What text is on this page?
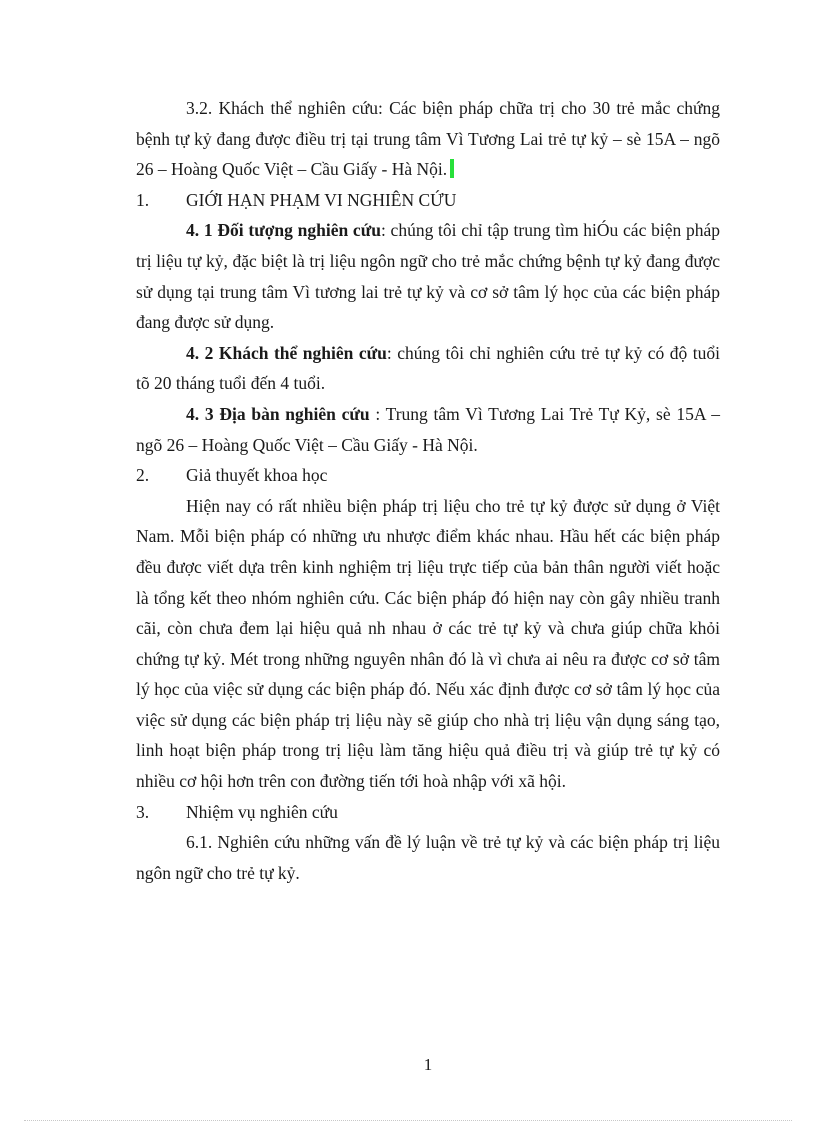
3.2. Khách thể nghiên cứu: Các biện pháp chữa trị cho 30 trẻ mắc chứng bệnh tự kỷ đang được điều trị tại trung tâm Vì Tương Lai trẻ tự kỷ – sè 15A – ngõ 26 – Hoàng Quốc Việt – Cầu Giấy - Hà Nội.

1. GIỚI HẠN PHẠM VI NGHIÊN CỨU

4. 1 Đối tượng nghiên cứu: chúng tôi chỉ tập trung tìm hiÓu các biện pháp trị liệu tự kỷ, đặc biệt là trị liệu ngôn ngữ cho trẻ mắc chứng bệnh tự kỷ đang được sử dụng tại trung tâm Vì tương lai trẻ tự kỷ và cơ sở tâm lý học của các biện pháp đang được sử dụng.

4. 2 Khách thể nghiên cứu: chúng tôi chỉ nghiên cứu trẻ tự kỷ có độ tuổi tõ 20 tháng tuổi đến 4 tuổi.

4. 3 Địa bàn nghiên cứu : Trung tâm Vì Tương Lai Trẻ Tự Kỷ, sè 15A – ngõ 26 – Hoàng Quốc Việt – Cầu Giấy - Hà Nội.

2. Giả thuyết khoa học

Hiện nay có rất nhiều biện pháp trị liệu cho trẻ tự kỷ được sử dụng ở Việt Nam. Mỗi biện pháp có những ưu nhược điểm khác nhau. Hầu hết các biện pháp đều được viết dựa trên kinh nghiệm trị liệu trực tiếp của bản thân người viết hoặc là tổng kết theo nhóm nghiên cứu. Các biện pháp đó hiện nay còn gây nhiều tranh cãi, còn chưa đem lại hiệu quả nh nhau ở các trẻ tự kỷ và chưa giúp chữa khỏi chứng tự kỷ. Mét trong những nguyên nhân đó là vì chưa ai nêu ra được cơ sở tâm lý học của việc sử dụng các biện pháp đó. Nếu xác định được cơ sở tâm lý học của việc sử dụng các biện pháp trị liệu này sẽ giúp cho nhà trị liệu vận dụng sáng tạo, linh hoạt biện pháp trong trị liệu làm tăng hiệu quả điều trị và giúp trẻ tự kỷ có nhiều cơ hội hơn trên con đường tiến tới hoà nhập với xã hội.

3. Nhiệm vụ nghiên cứu

6.1. Nghiên cứu những vấn đề lý luận về trẻ tự kỷ và các biện pháp trị liệu ngôn ngữ cho trẻ tự kỷ.

1
